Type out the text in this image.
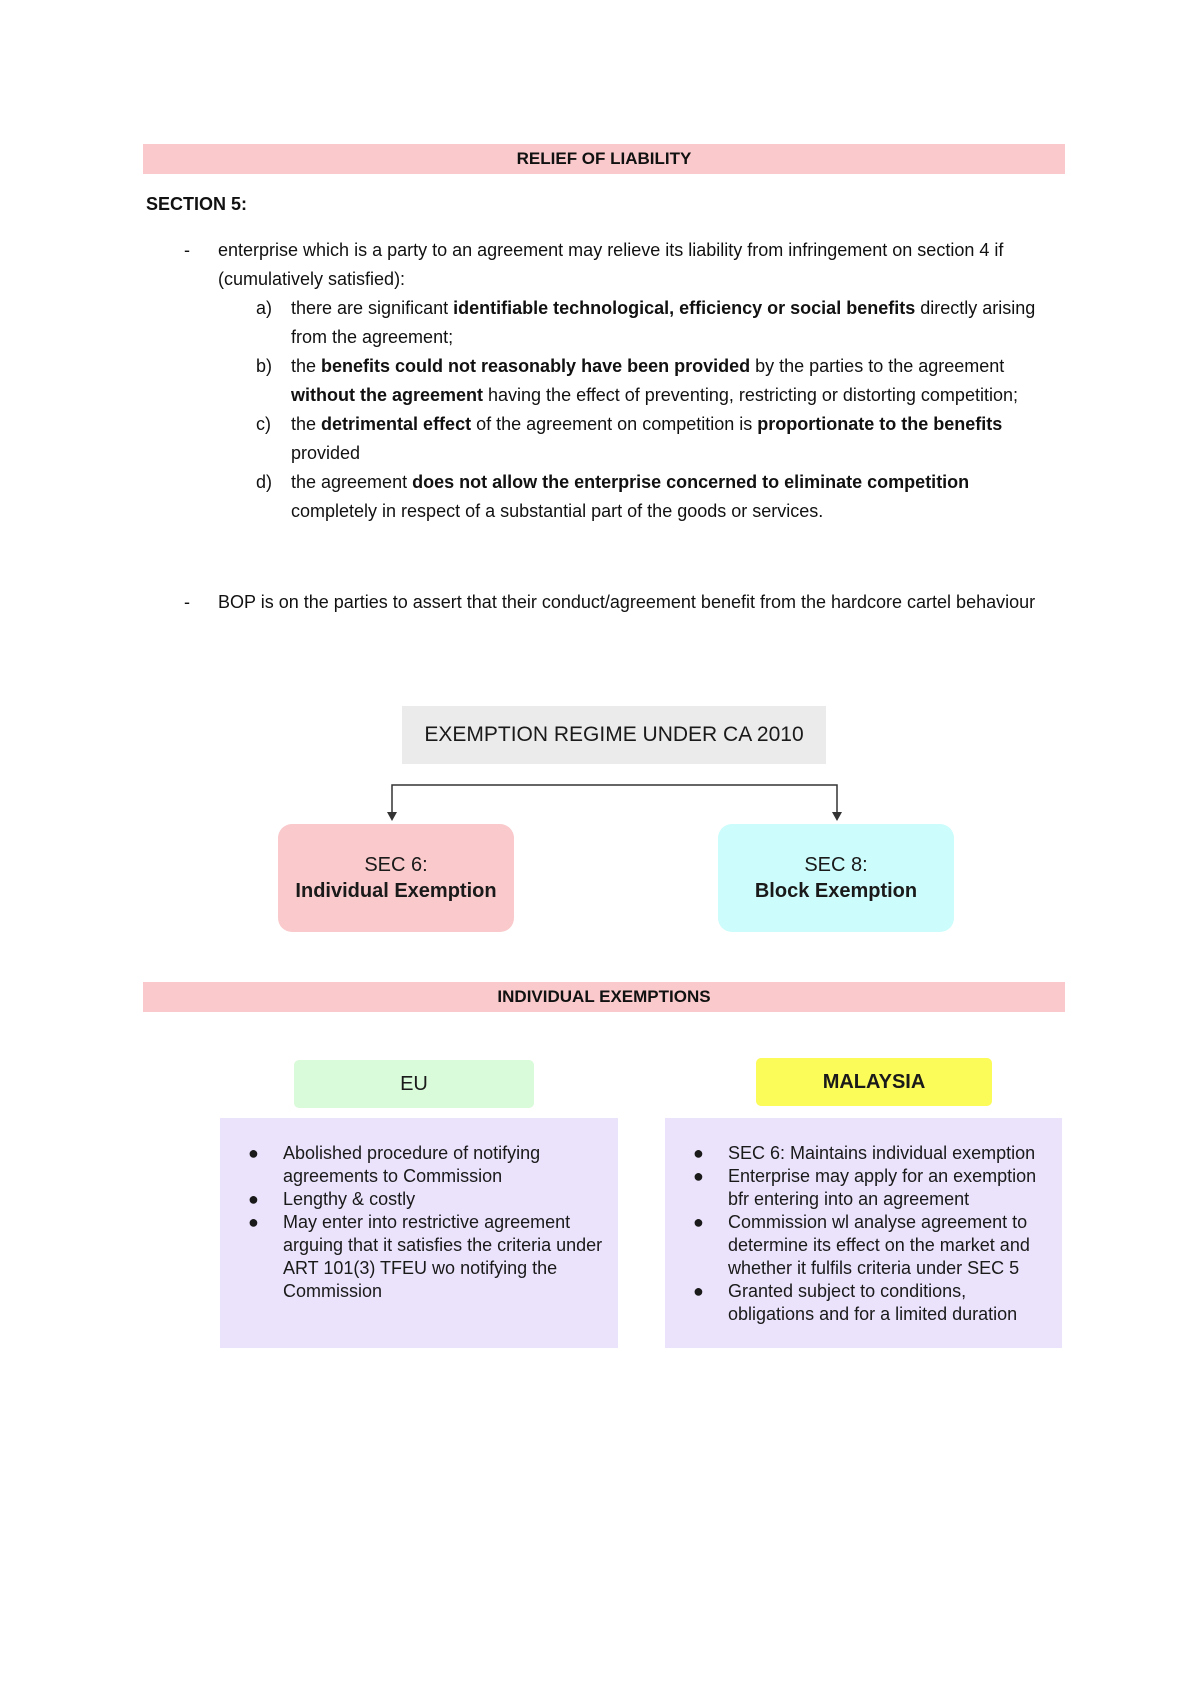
RELIEF OF LIABILITY
SECTION 5:
- enterprise which is a party to an agreement may relieve its liability from infringement on section 4 if (cumulatively satisfied):
a) there are significant identifiable technological, efficiency or social benefits directly arising from the agreement;
b) the benefits could not reasonably have been provided by the parties to the agreement without the agreement having the effect of preventing, restricting or distorting competition;
c) the detrimental effect of the agreement on competition is proportionate to the benefits provided
d) the agreement does not allow the enterprise concerned to eliminate competition completely in respect of a substantial part of the goods or services.
- BOP is on the parties to assert that their conduct/agreement benefit from the hardcore cartel behaviour
EXEMPTION REGIME UNDER CA 2010
SEC 6:
Individual Exemption
SEC 8:
Block Exemption
INDIVIDUAL EXEMPTIONS
EU	MALAYSIA
● Abolished procedure of notifying agreements to Commission
● Lengthy & costly
● May enter into restrictive agreement arguing that it satisfies the criteria under ART 101(3) TFEU wo notifying the Commission
● SEC 6: Maintains individual exemption
● Enterprise may apply for an exemption bfr entering into an agreement
● Commission wl analyse agreement to determine its effect on the market and whether it fulfils criteria under SEC 5
● Granted subject to conditions, obligations and for a limited duration
